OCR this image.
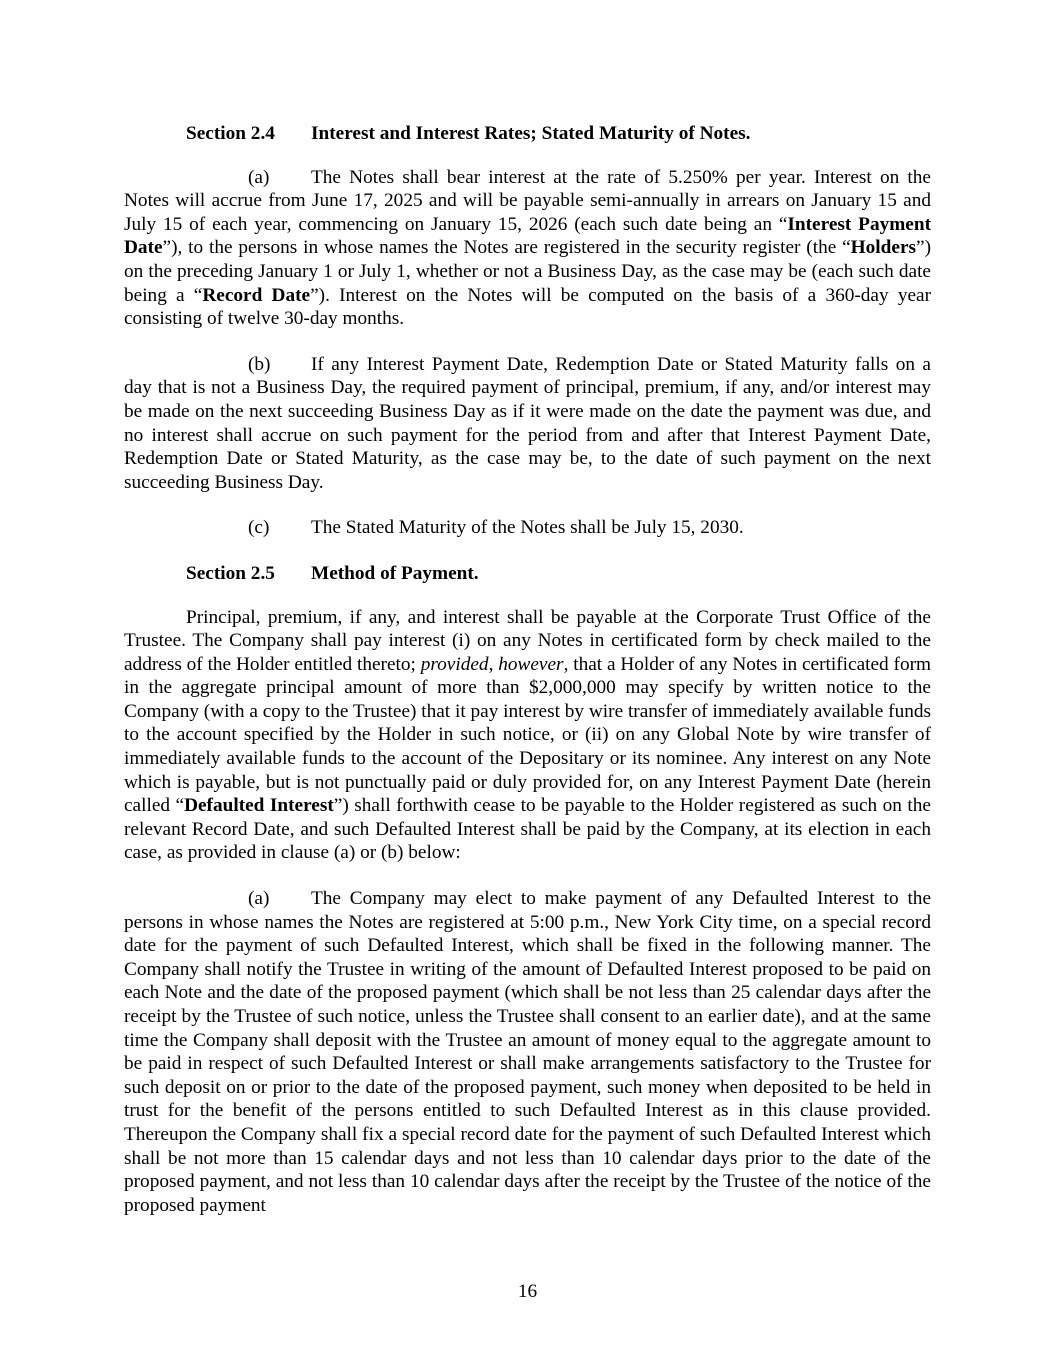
Section 2.4 Interest and Interest Rates; Stated Maturity of Notes.

(a) The Notes shall bear interest at the rate of 5.250% per year. Interest on the Notes will accrue from June 17, 2025 and will be payable semi-annually in arrears on January 15 and July 15 of each year, commencing on January 15, 2026 (each such date being an “Interest Payment Date”), to the persons in whose names the Notes are registered in the security register (the “Holders”) on the preceding January 1 or July 1, whether or not a Business Day, as the case may be (each such date being a “Record Date”). Interest on the Notes will be computed on the basis of a 360-day year consisting of twelve 30-day months.

(b) If any Interest Payment Date, Redemption Date or Stated Maturity falls on a day that is not a Business Day, the required payment of principal, premium, if any, and/or interest may be made on the next succeeding Business Day as if it were made on the date the payment was due, and no interest shall accrue on such payment for the period from and after that Interest Payment Date, Redemption Date or Stated Maturity, as the case may be, to the date of such payment on the next succeeding Business Day.

(c) The Stated Maturity of the Notes shall be July 15, 2030.

Section 2.5 Method of Payment.

Principal, premium, if any, and interest shall be payable at the Corporate Trust Office of the Trustee. The Company shall pay interest (i) on any Notes in certificated form by check mailed to the address of the Holder entitled thereto; provided, however, that a Holder of any Notes in certificated form in the aggregate principal amount of more than $2,000,000 may specify by written notice to the Company (with a copy to the Trustee) that it pay interest by wire transfer of immediately available funds to the account specified by the Holder in such notice, or (ii) on any Global Note by wire transfer of immediately available funds to the account of the Depositary or its nominee. Any interest on any Note which is payable, but is not punctually paid or duly provided for, on any Interest Payment Date (herein called “Defaulted Interest”) shall forthwith cease to be payable to the Holder registered as such on the relevant Record Date, and such Defaulted Interest shall be paid by the Company, at its election in each case, as provided in clause (a) or (b) below:

(a) The Company may elect to make payment of any Defaulted Interest to the persons in whose names the Notes are registered at 5:00 p.m., New York City time, on a special record date for the payment of such Defaulted Interest, which shall be fixed in the following manner. The Company shall notify the Trustee in writing of the amount of Defaulted Interest proposed to be paid on each Note and the date of the proposed payment (which shall be not less than 25 calendar days after the receipt by the Trustee of such notice, unless the Trustee shall consent to an earlier date), and at the same time the Company shall deposit with the Trustee an amount of money equal to the aggregate amount to be paid in respect of such Defaulted Interest or shall make arrangements satisfactory to the Trustee for such deposit on or prior to the date of the proposed payment, such money when deposited to be held in trust for the benefit of the persons entitled to such Defaulted Interest as in this clause provided. Thereupon the Company shall fix a special record date for the payment of such Defaulted Interest which shall be not more than 15 calendar days and not less than 10 calendar days prior to the date of the proposed payment, and not less than 10 calendar days after the receipt by the Trustee of the notice of the proposed payment

16
